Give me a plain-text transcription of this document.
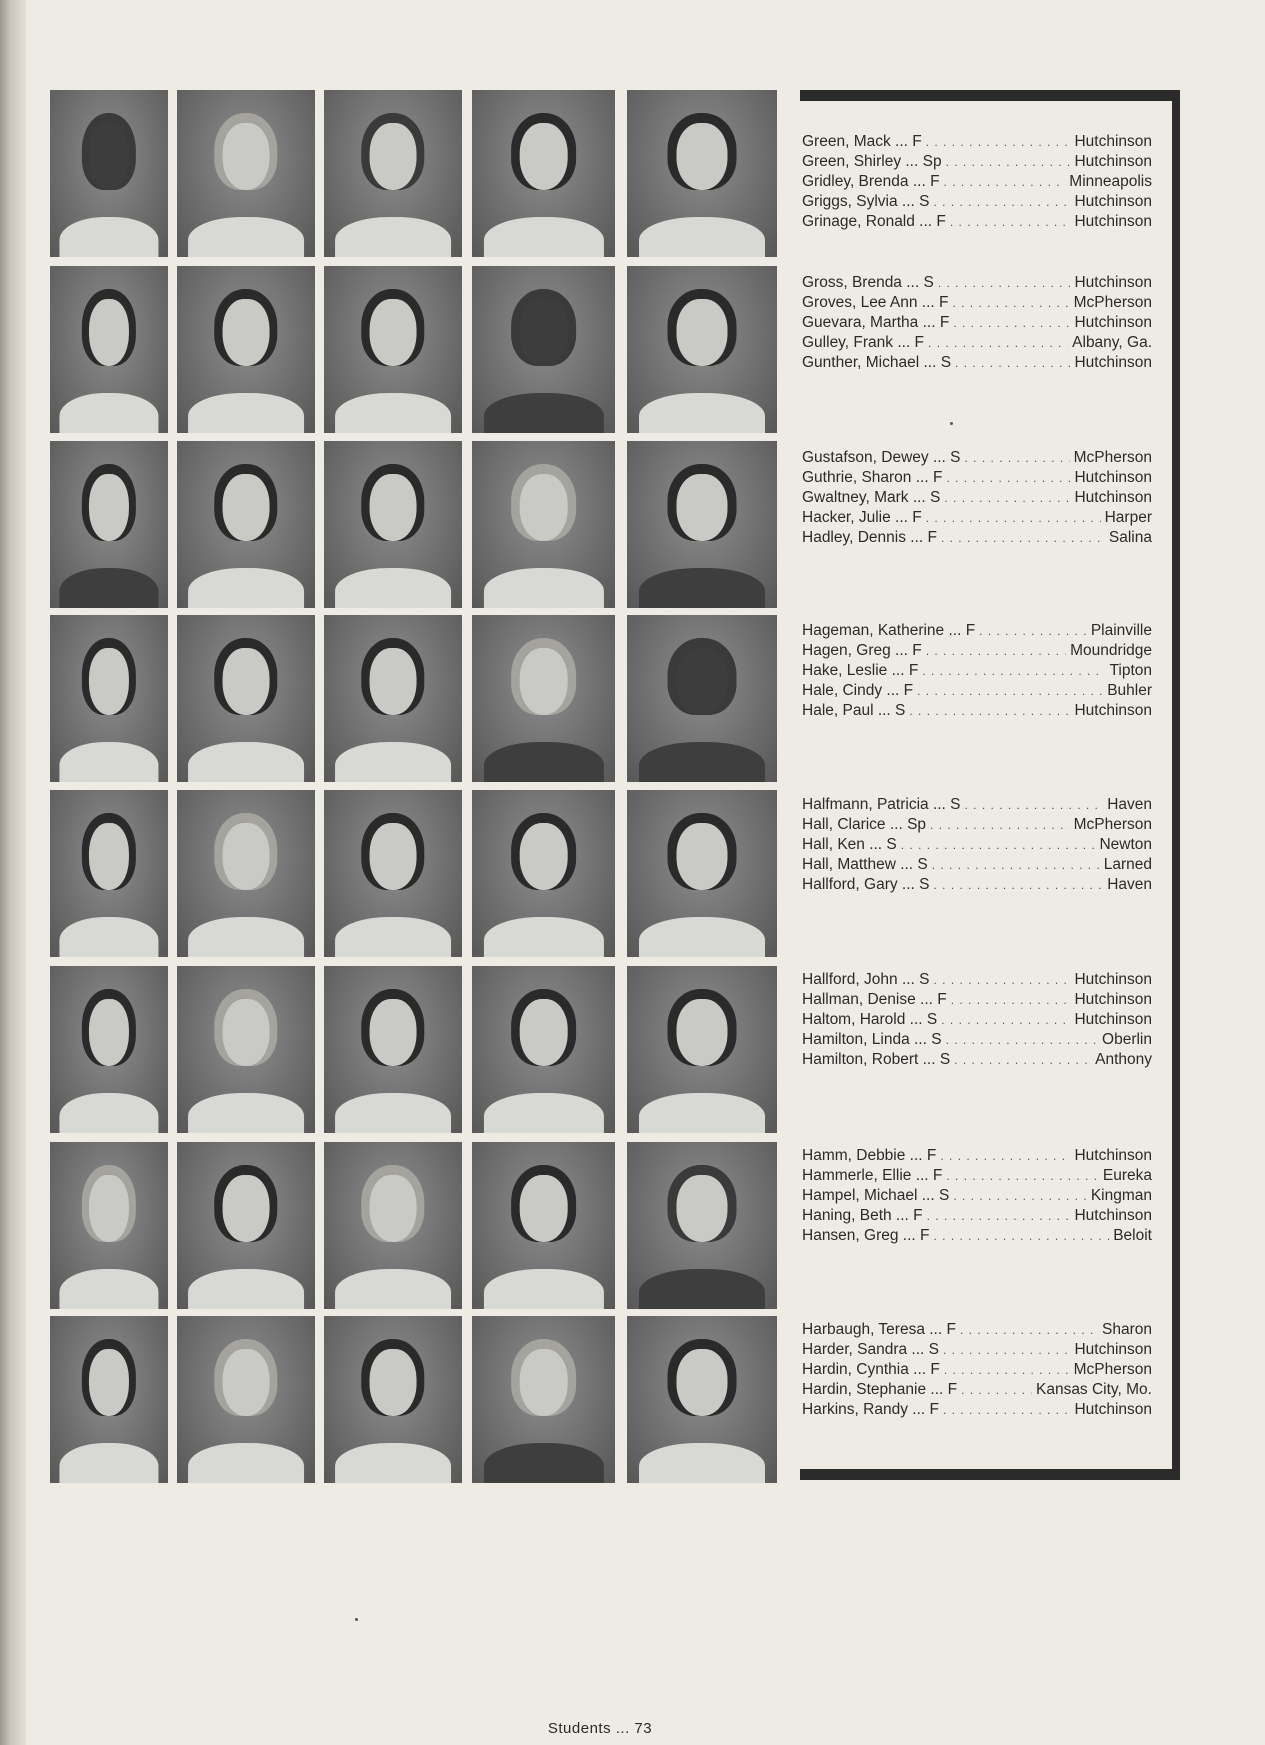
Green, Mack ... F . . .	Hutchinson
Green, Shirley ... Sp . . .	Hutchinson
Gridley, Brenda ... F . . .	Minneapolis
Griggs, Sylvia ... S . . .	Hutchinson
Grinage, Ronald ... F . . .	Hutchinson
Gross, Brenda ... S . . .	Hutchinson
Groves, Lee Ann ... F . . .	McPherson
Guevara, Martha ... F . . .	Hutchinson
Gulley, Frank ... F . . .	Albany, Ga.
Gunther, Michael ... S . . .	Hutchinson
Gustafson, Dewey ... S . . .	McPherson
Guthrie, Sharon ... F . . .	Hutchinson
Gwaltney, Mark ... S . . .	Hutchinson
Hacker, Julie ... F . . .	Harper
Hadley, Dennis ... F . . .	Salina
Hageman, Katherine ... F . . .	Plainville
Hagen, Greg ... F . . .	Moundridge
Hake, Leslie ... F . . .	Tipton
Hale, Cindy ... F . . .	Buhler
Hale, Paul ... S . . .	Hutchinson
Halfmann, Patricia ... S . . .	Haven
Hall, Clarice ... Sp . . .	McPherson
Hall, Ken ... S . . .	Newton
Hall, Matthew ... S . . .	Larned
Hallford, Gary ... S . . .	Haven
Hallford, John ... S . . .	Hutchinson
Hallman, Denise ... F . . .	Hutchinson
Haltom, Harold ... S . . .	Hutchinson
Hamilton, Linda ... S . . .	Oberlin
Hamilton, Robert ... S . . .	Anthony
Hamm, Debbie ... F . . .	Hutchinson
Hammerle, Ellie ... F . . .	Eureka
Hampel, Michael ... S . . .	Kingman
Haning, Beth ... F . . .	Hutchinson
Hansen, Greg ... F . . .	Beloit
Harbaugh, Teresa ... F . . .	Sharon
Harder, Sandra ... S . . .	Hutchinson
Hardin, Cynthia ... F . . .	McPherson
Hardin, Stephanie ... F . . .	Kansas City, Mo.
Harkins, Randy ... F . . .	Hutchinson
Students ... 73
